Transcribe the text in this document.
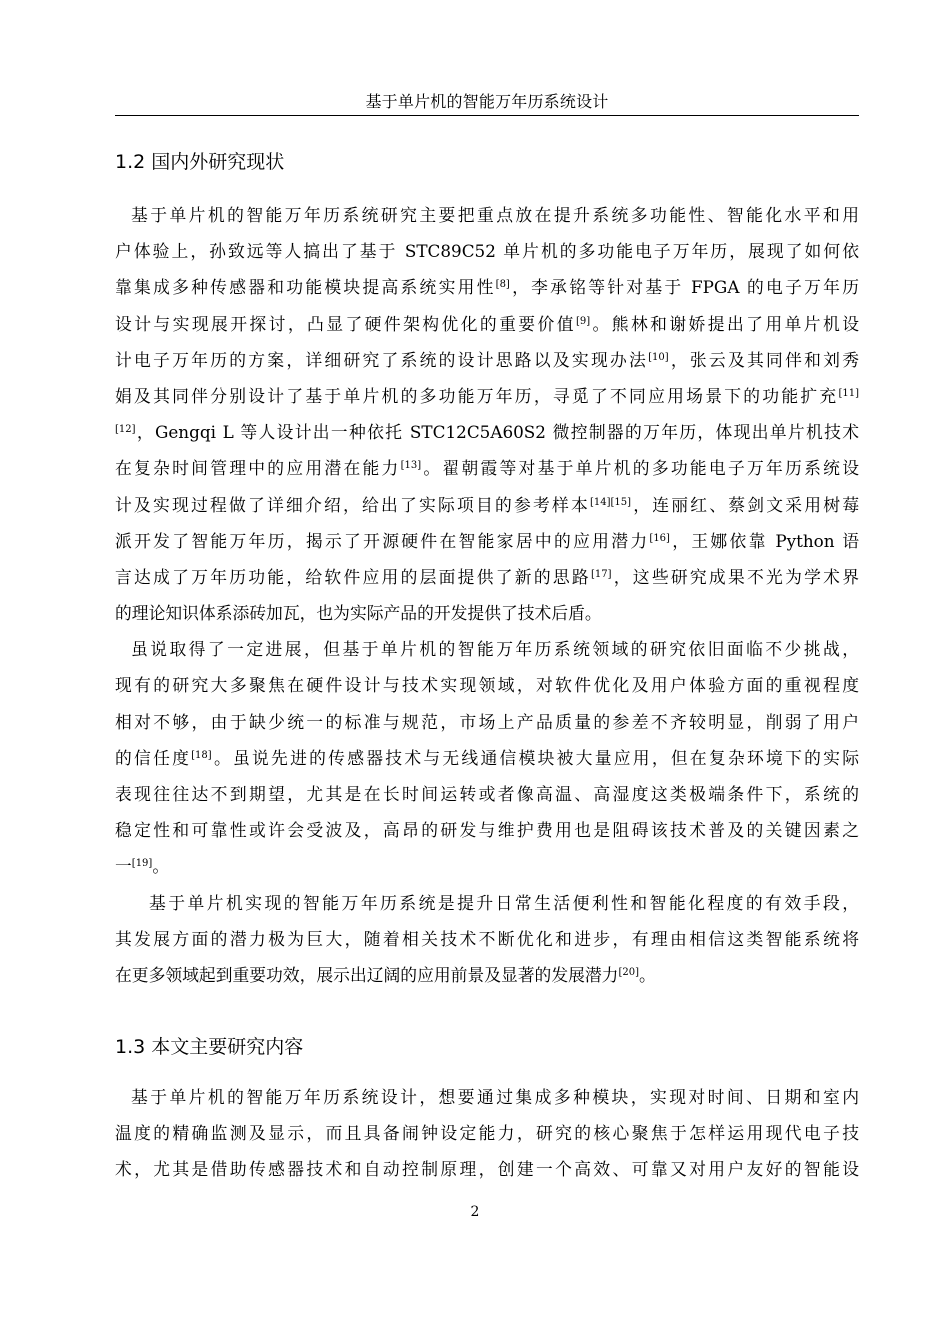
基于单片机的智能万年历系统设计
1.2 国内外研究现状
基于单片机的智能万年历系统研究主要把重点放在提升系统多功能性、智能化水平和用
户体验上，孙致远等人搞出了基于 STC89C52 单片机的多功能电子万年历，展现了如何依
靠集成多种传感器和功能模块提高系统实用性[8]，李承铭等针对基于 FPGA 的电子万年历
设计与实现展开探讨，凸显了硬件架构优化的重要价值[9]。熊林和谢娇提出了用单片机设
计电子万年历的方案，详细研究了系统的设计思路以及实现办法[10]，张云及其同伴和刘秀
娟及其同伴分别设计了基于单片机的多功能万年历，寻觅了不同应用场景下的功能扩充[11]
[12]，Gengqi L 等人设计出一种依托 STC12C5A60S2 微控制器的万年历，体现出单片机技术
在复杂时间管理中的应用潜在能力[13]。翟朝霞等对基于单片机的多功能电子万年历系统设
计及实现过程做了详细介绍，给出了实际项目的参考样本[14][15]，连丽红、蔡剑文采用树莓
派开发了智能万年历，揭示了开源硬件在智能家居中的应用潜力[16]，王娜依靠 Python 语
言达成了万年历功能，给软件应用的层面提供了新的思路[17]，这些研究成果不光为学术界
的理论知识体系添砖加瓦，也为实际产品的开发提供了技术后盾。
虽说取得了一定进展，但基于单片机的智能万年历系统领域的研究依旧面临不少挑战，
现有的研究大多聚焦在硬件设计与技术实现领域，对软件优化及用户体验方面的重视程度
相对不够，由于缺少统一的标准与规范，市场上产品质量的参差不齐较明显，削弱了用户
的信任度[18]。虽说先进的传感器技术与无线通信模块被大量应用，但在复杂环境下的实际
表现往往达不到期望，尤其是在长时间运转或者像高温、高湿度这类极端条件下，系统的
稳定性和可靠性或许会受波及，高昂的研发与维护费用也是阻碍该技术普及的关键因素之
一[19]。
基于单片机实现的智能万年历系统是提升日常生活便利性和智能化程度的有效手段，
其发展方面的潜力极为巨大，随着相关技术不断优化和进步，有理由相信这类智能系统将
在更多领域起到重要功效，展示出辽阔的应用前景及显著的发展潜力[20]。
1.3 本文主要研究内容
基于单片机的智能万年历系统设计，想要通过集成多种模块，实现对时间、日期和室内
温度的精确监测及显示，而且具备闹钟设定能力，研究的核心聚焦于怎样运用现代电子技
术，尤其是借助传感器技术和自动控制原理，创建一个高效、可靠又对用户友好的智能设
2
